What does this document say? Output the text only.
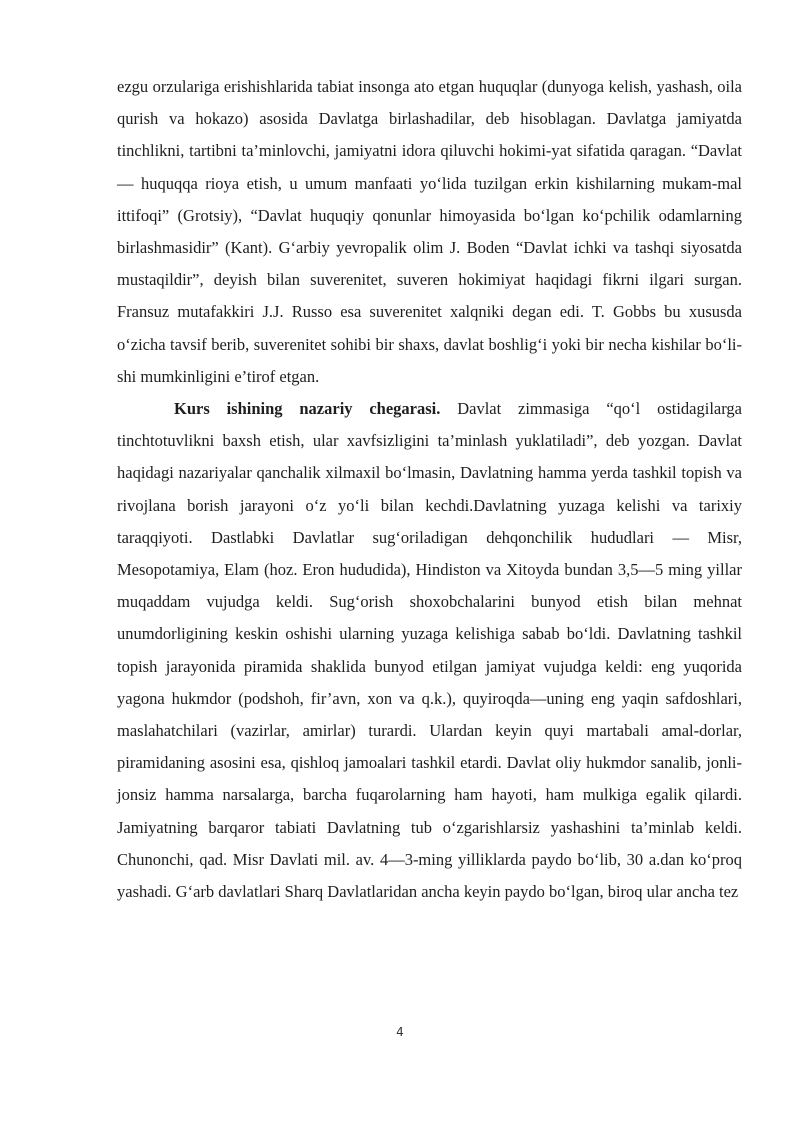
ezgu orzulariga erishishlarida tabiat insonga ato etgan huquqlar (dunyoga kelish, yashash, oila qurish va hokazo) asosida Davlatga birlashadilar, deb hisoblagan. Davlatga jamiyatda tinchlikni, tartibni ta’minlovchi, jamiyatni idora qiluvchi hokimi-yat sifatida qaragan. “Davlat — huquqqa rioya etish, u umum manfaati yo‘lida tuzilgan erkin kishilarning mukam-mal ittifoqi” (Grotsiy), “Davlat huquqiy qonunlar himoyasida bo‘lgan ko‘pchilik odamlarning birlashmasidir” (Kant). G‘arbiy yevropalik olim J. Boden “Davlat ichki va tashqi siyosatda mustaqildir”, deyish bilan suverenitet, suveren hokimiyat haqidagi fikrni ilgari surgan. Fransuz mutafakkiri J.J. Russo esa suverenitet xalqniki degan edi. T. Gobbs bu xususda o‘zicha tavsif berib, suverenitet sohibi bir shaxs, davlat boshlig‘i yoki bir necha kishilar bo‘li-shi mumkinligini e’tirof etgan.

Kurs ishining nazariy chegarasi. Davlat zimmasiga “qo‘l ostidagilarga tinchtotuvlikni baxsh etish, ular xavfsizligini ta’minlash yuklatiladi”, deb yozgan. Davlat haqidagi nazariyalar qanchalik xilmaxil bo‘lmasin, Davlatning hamma yerda tashkil topish va rivojlana borish jarayoni o‘z yo‘li bilan kechdi.Davlatning yuzaga kelishi va tarixiy taraqqiyoti. Dastlabki Davlatlar sug‘oriladigan dehqonchilik hududlari — Misr, Mesopotamiya, Elam (hoz. Eron hududida), Hindiston va Xitoyda bundan 3,5—5 ming yillar muqaddam vujudga keldi. Sug‘orish shoxobchalarini bunyod etish bilan mehnat unumdorligining keskin oshishi ularning yuzaga kelishiga sabab bo‘ldi. Davlatning tashkil topish jarayonida piramida shaklida bunyod etilgan jamiyat vujudga keldi: eng yuqorida yagona hukmdor (podshoh, fir’avn, xon va q.k.), quyiroqda—uning eng yaqin safdoshlari, maslahatchilari (vazirlar, amirlar) turardi. Ulardan keyin quyi martabali amal-dorlar, piramidaning asosini esa, qishloq jamoalari tashkil etardi. Davlat oliy hukmdor sanalib, jonli-jonsiz hamma narsalarga, barcha fuqarolarning ham hayoti, ham mulkiga egalik qilardi. Jamiyatning barqaror tabiati Davlatning tub o‘zgarishlarsiz yashashini ta’minlab keldi. Chunonchi, qad. Misr Davlati mil. av. 4—3-ming yilliklarda paydo bo‘lib, 30 a.dan ko‘proq yashadi. G‘arb davlatlari Sharq Davlatlaridan ancha keyin paydo bo‘lgan, biroq ular ancha tez

4
